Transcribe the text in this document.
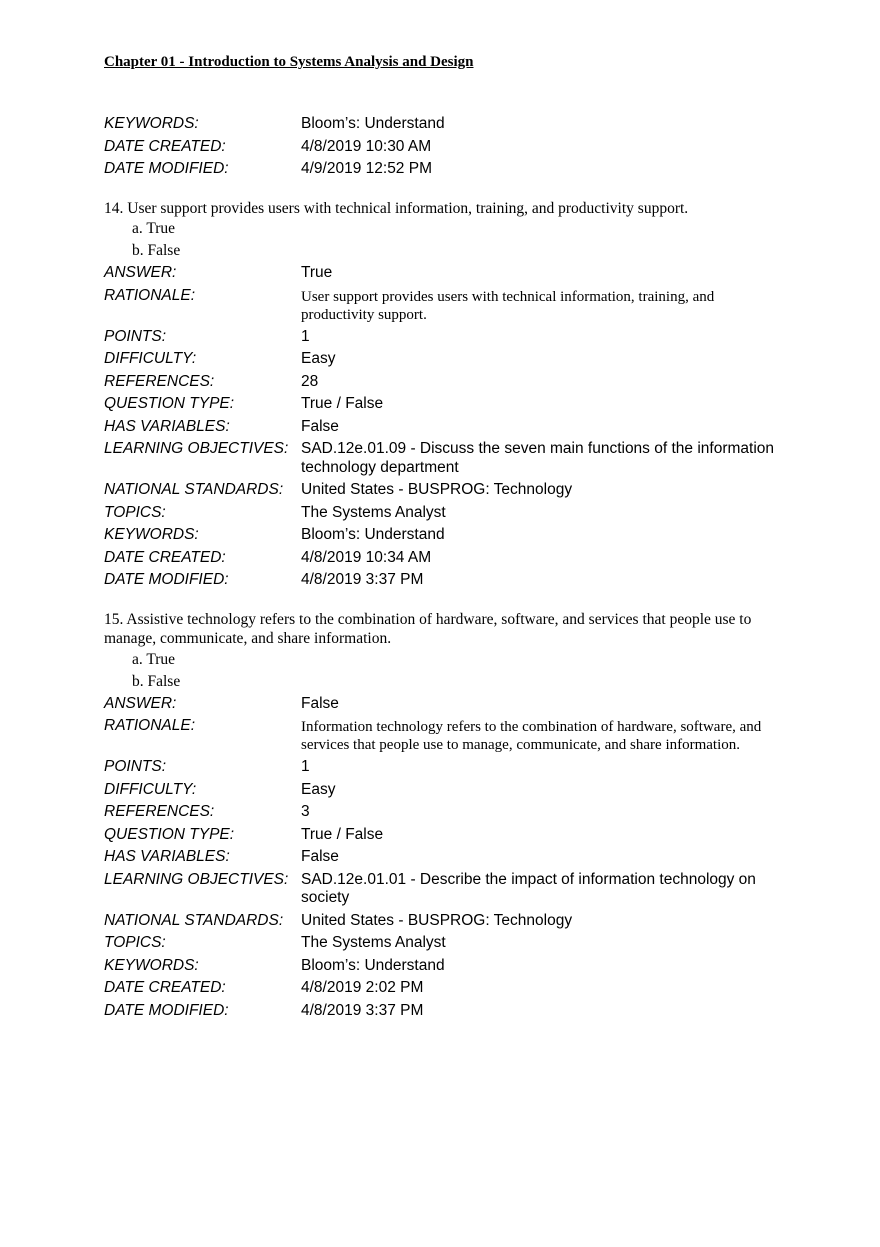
Chapter 01 - Introduction to Systems Analysis and Design
KEYWORDS:	Bloom’s: Understand
DATE CREATED:	4/8/2019 10:30 AM
DATE MODIFIED:	4/9/2019 12:52 PM

14. User support provides users with technical information, training, and productivity support.

a. True
b. False
ANSWER:	True
RATIONALE:	User support provides users with technical information, training, and productivity support.
POINTS:	1
DIFFICULTY:	Easy
REFERENCES:	28
QUESTION TYPE:	True / False
HAS VARIABLES:	False
LEARNING OBJECTIVES: SAD.12e.01.09 - Discuss the seven main functions of the information technology department
NATIONAL STANDARDS:	United States - BUSPROG: Technology
TOPICS:	The Systems Analyst
KEYWORDS:	Bloom’s: Understand
DATE CREATED:	4/8/2019 10:34 AM
DATE MODIFIED:	4/8/2019 3:37 PM

15. Assistive technology refers to the combination of hardware, software, and services that people use to manage, communicate, and share information.

a. True
b. False
ANSWER:	False
RATIONALE:	Information technology refers to the combination of hardware, software, and services that people use to manage, communicate, and share information.
POINTS:	1
DIFFICULTY:	Easy
REFERENCES:	3
QUESTION TYPE:	True / False
HAS VARIABLES:	False
LEARNING OBJECTIVES: SAD.12e.01.01 - Describe the impact of information technology on society
NATIONAL STANDARDS:	United States - BUSPROG: Technology
TOPICS:	The Systems Analyst
KEYWORDS:	Bloom’s: Understand
DATE CREATED:	4/8/2019 2:02 PM
DATE MODIFIED:	4/8/2019 3:37 PM
